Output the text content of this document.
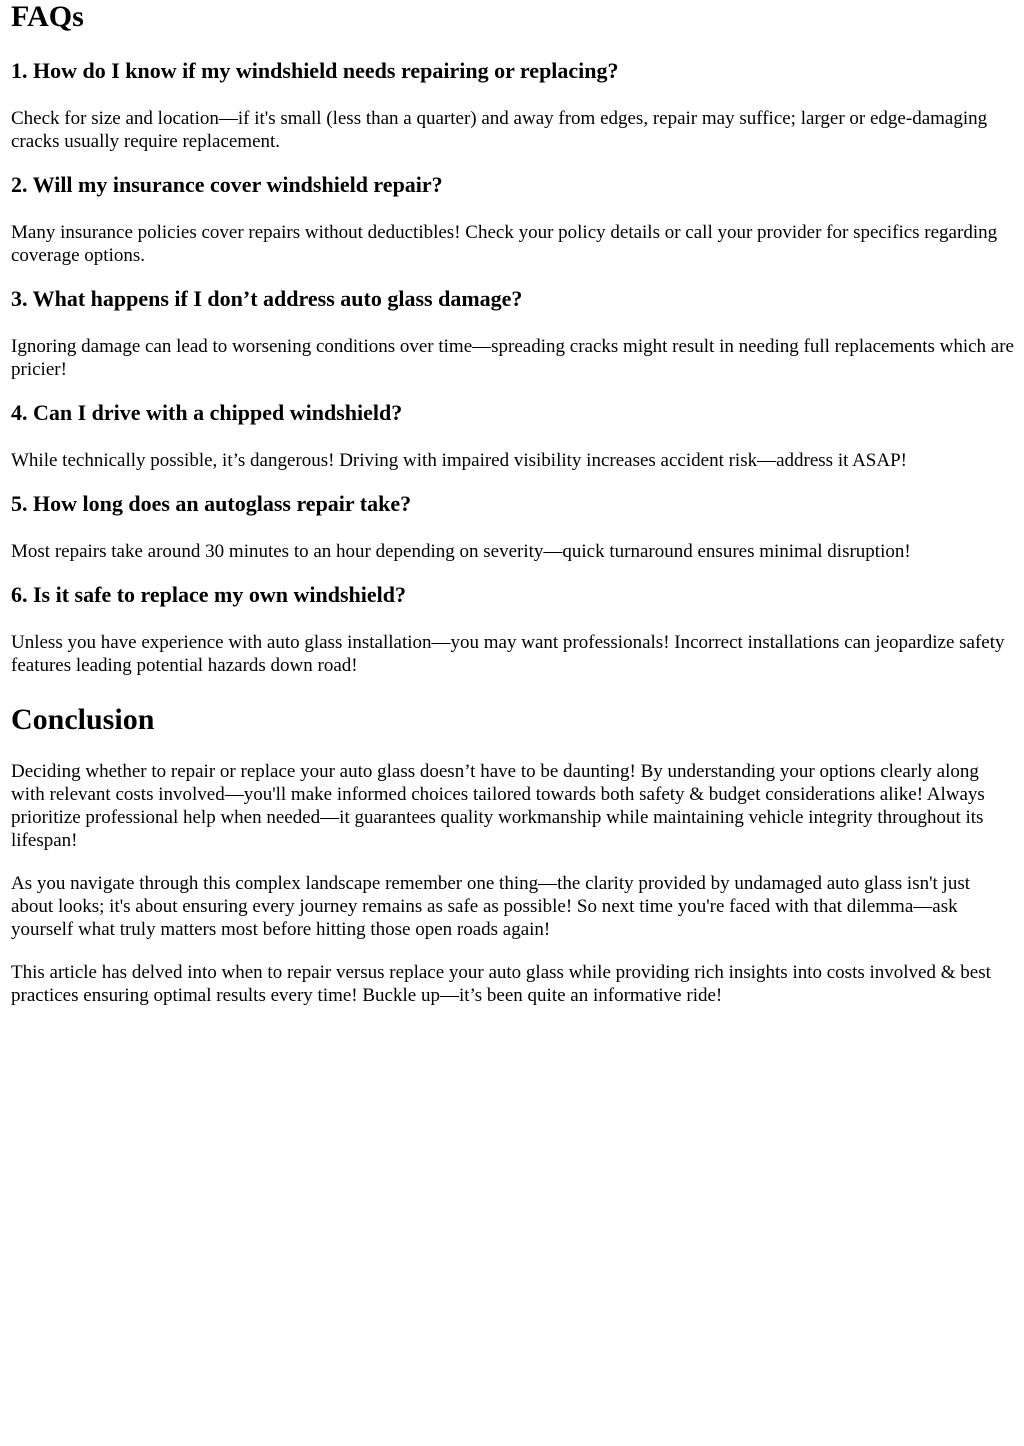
FAQs
1. How do I know if my windshield needs repairing or replacing?

Check for size and location—if it's small (less than a quarter) and away from edges, repair may suffice; larger or edge-damaging cracks usually require replacement.

2. Will my insurance cover windshield repair?

Many insurance policies cover repairs without deductibles! Check your policy details or call your provider for specifics regarding coverage options.

3. What happens if I don’t address auto glass damage?

Ignoring damage can lead to worsening conditions over time—spreading cracks might result in needing full replacements which are pricier!

4. Can I drive with a chipped windshield?

While technically possible, it’s dangerous! Driving with impaired visibility increases accident risk—address it ASAP!

5. How long does an autoglass repair take?

Most repairs take around 30 minutes to an hour depending on severity—quick turnaround ensures minimal disruption!

6. Is it safe to replace my own windshield?

Unless you have experience with auto glass installation—you may want professionals! Incorrect installations can jeopardize safety features leading potential hazards down road!

Conclusion

Deciding whether to repair or replace your auto glass doesn’t have to be daunting! By understanding your options clearly along with relevant costs involved—you'll make informed choices tailored towards both safety & budget considerations alike! Always prioritize professional help when needed—it guarantees quality workmanship while maintaining vehicle integrity throughout its lifespan!

As you navigate through this complex landscape remember one thing—the clarity provided by undamaged auto glass isn't just about looks; it's about ensuring every journey remains as safe as possible! So next time you're faced with that dilemma—ask yourself what truly matters most before hitting those open roads again!

This article has delved into when to repair versus replace your auto glass while providing rich insights into costs involved & best practices ensuring optimal results every time! Buckle up—it’s been quite an informative ride!
